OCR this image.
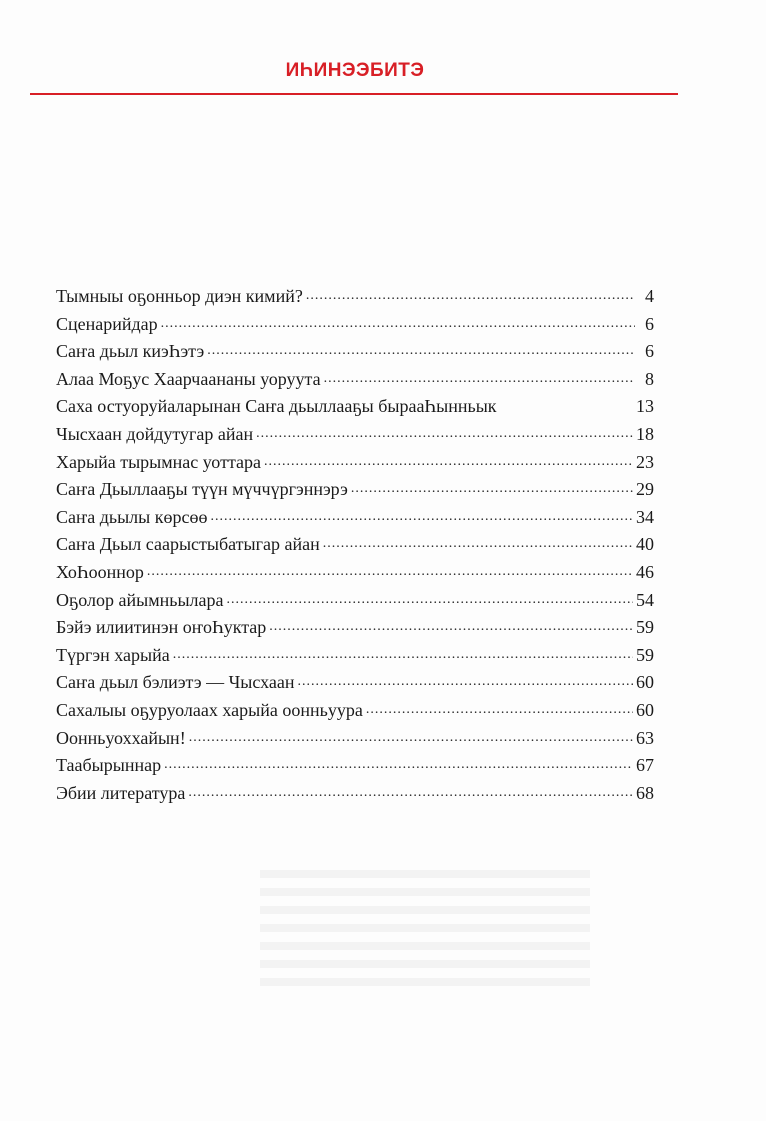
ИҺИНЭЭБИТЭ
Тымныы оҕонньор диэн кимий? .....	4
Сценарийдар .....	6
Саҥа дьыл киэҺэтэ .....	6
Алаа Моҕус Хаарчаананы уоруута .....	8
Саха остуоруйаларынан Саҥа дьыллааҕы бырааҺынньык	13
Чысхаан дойдутугар айан .....	18
Харыйа тырымнас уоттара .....	23
Саҥа Дьыллааҕы түүн мүччүргэннэрэ .....	29
Саҥа дьылы көрсөө .....	34
Саҥа Дьыл саарыстыбатыгар айан .....	40
ХоҺооннор .....	46
Оҕолор айымньылара .....	54
Бэйэ илиитинэн оҥоҺуктар .....	59
Түргэн харыйа .....	59
Саҥа дьыл бэлиэтэ — Чысхаан .....	60
Сахалыы оҕуруолаах харыйа оонньуура .....	60
Оонньуоххайын! .....	63
Таабырыннар .....	67
Эбии литература .....	68
